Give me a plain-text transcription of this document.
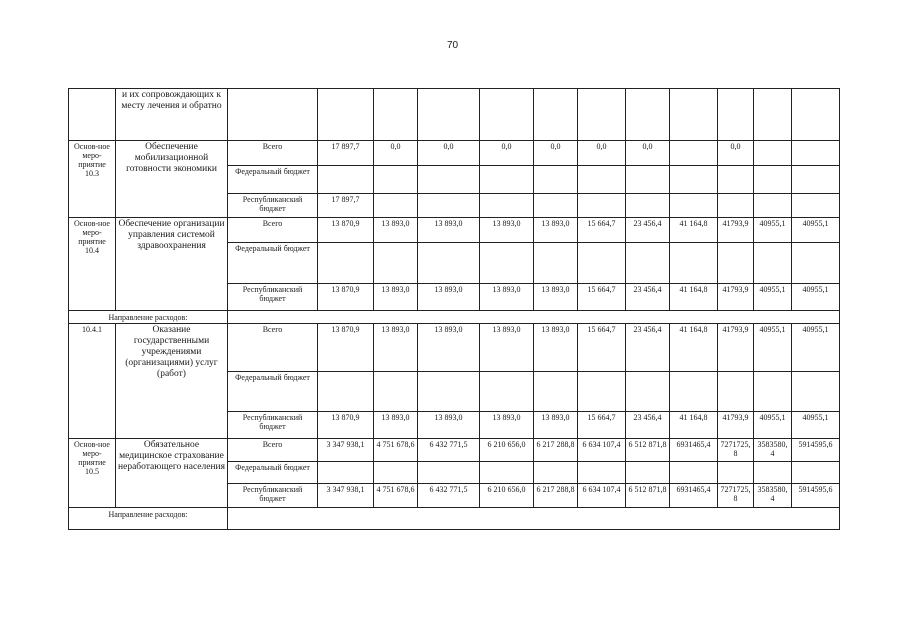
70
	и их сопровождающих к месту лечения и обратно												
Основ-ное меро-приятие 10.3	Обеспечение мобилизационной готовности экономики	Всего	17 897,7	0,0	0,0	0,0	0,0	0,0	0,0		0,0		
		Федеральный бюджет											
		Республиканский бюджет	17 897,7										
Основ-ное меро-приятие 10.4	Обеспечение организации управления системой здравоохранения	Всего	13 870,9	13 893,0	13 893,0	13 893,0	13 893,0	15 664,7	23 456,4	41 164,8	41793,9	40955,1	40955,1
		Федеральный бюджет											
		Республиканский бюджет	13 870,9	13 893,0	13 893,0	13 893,0	13 893,0	15 664,7	23 456,4	41 164,8	41793,9	40955,1	40955,1
Направление расходов:													
10.4.1	Оказание государственными учреждениями (организациями) услуг (работ)	Всего	13 870,9	13 893,0	13 893,0	13 893,0	13 893,0	15 664,7	23 456,4	41 164,8	41793,9	40955,1	40955,1
		Федеральный бюджет											
		Республиканский бюджет	13 870,9	13 893,0	13 893,0	13 893,0	13 893,0	15 664,7	23 456,4	41 164,8	41793,9	40955,1	40955,1
Основ-ное меро-приятие 10.5	Обязательное медицинское страхование неработающего населения	Всего	3 347 938,1	4 751 678,6	6 432 771,5	6 210 656,0	6 217 288,8	6 634 107,4	6 512 871,8	6931465,4	7271725,8	3583580,4	5914595,6
		Федеральный бюджет											
		Республиканский бюджет	3 347 938,1	4 751 678,6	6 432 771,5	6 210 656,0	6 217 288,8	6 634 107,4	6 512 871,8	6931465,4	7271725,8	3583580,4	5914595,6
Направление расходов:													
